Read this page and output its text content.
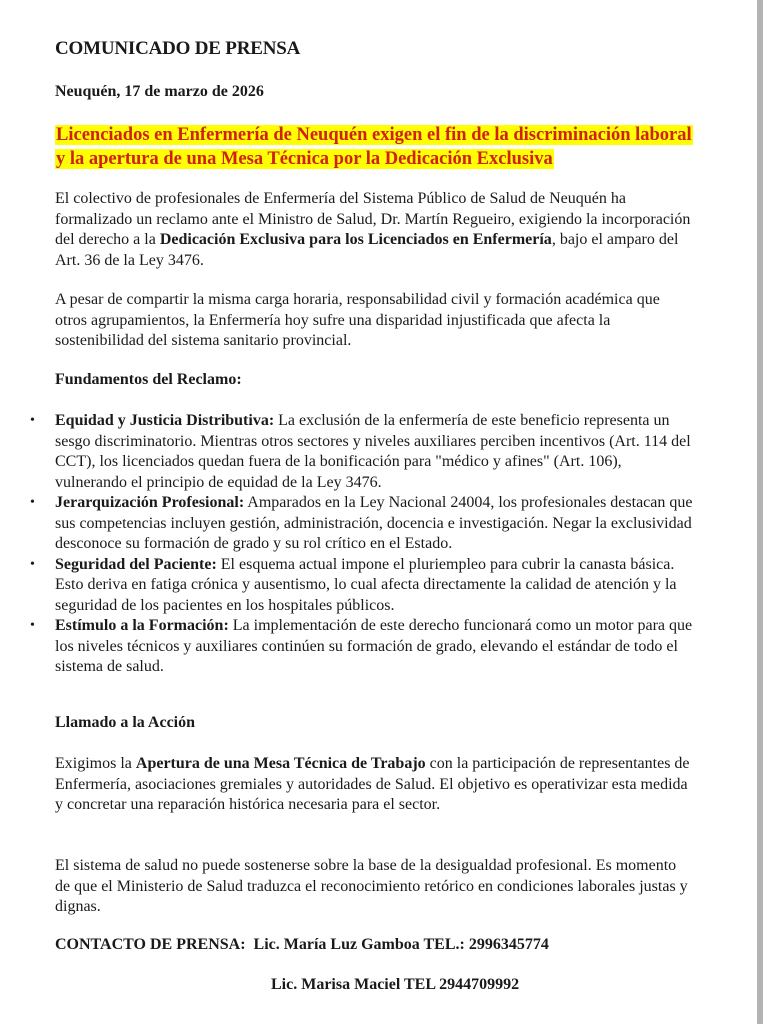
COMUNICADO DE PRENSA
Neuquén, 17 de marzo de 2026
Licenciados en Enfermería de Neuquén exigen el fin de la discriminación laboral y la apertura de una Mesa Técnica por la Dedicación Exclusiva
El colectivo de profesionales de Enfermería del Sistema Público de Salud de Neuquén ha formalizado un reclamo ante el Ministro de Salud, Dr. Martín Regueiro, exigiendo la incorporación del derecho a la Dedicación Exclusiva para los Licenciados en Enfermería, bajo el amparo del Art. 36 de la Ley 3476.
A pesar de compartir la misma carga horaria, responsabilidad civil y formación académica que otros agrupamientos, la Enfermería hoy sufre una disparidad injustificada que afecta la sostenibilidad del sistema sanitario provincial.
Fundamentos del Reclamo:
• Equidad y Justicia Distributiva: La exclusión de la enfermería de este beneficio representa un sesgo discriminatorio. Mientras otros sectores y niveles auxiliares perciben incentivos (Art. 114 del CCT), los licenciados quedan fuera de la bonificación para "médico y afines" (Art. 106), vulnerando el principio de equidad de la Ley 3476.
• Jerarquización Profesional: Amparados en la Ley Nacional 24004, los profesionales destacan que sus competencias incluyen gestión, administración, docencia e investigación. Negar la exclusividad desconoce su formación de grado y su rol crítico en el Estado.
• Seguridad del Paciente: El esquema actual impone el pluriempleo para cubrir la canasta básica. Esto deriva en fatiga crónica y ausentismo, lo cual afecta directamente la calidad de atención y la seguridad de los pacientes en los hospitales públicos.
• Estímulo a la Formación: La implementación de este derecho funcionará como un motor para que los niveles técnicos y auxiliares continúen su formación de grado, elevando el estándar de todo el sistema de salud.
Llamado a la Acción
Exigimos la Apertura de una Mesa Técnica de Trabajo con la participación de representantes de Enfermería, asociaciones gremiales y autoridades de Salud. El objetivo es operativizar esta medida y concretar una reparación histórica necesaria para el sector.
El sistema de salud no puede sostenerse sobre la base de la desigualdad profesional. Es momento de que el Ministerio de Salud traduzca el reconocimiento retórico en condiciones laborales justas y dignas.
CONTACTO DE PRENSA: Lic. María Luz Gamboa TEL.: 2996345774
Lic. Marisa Maciel TEL 2944709992
